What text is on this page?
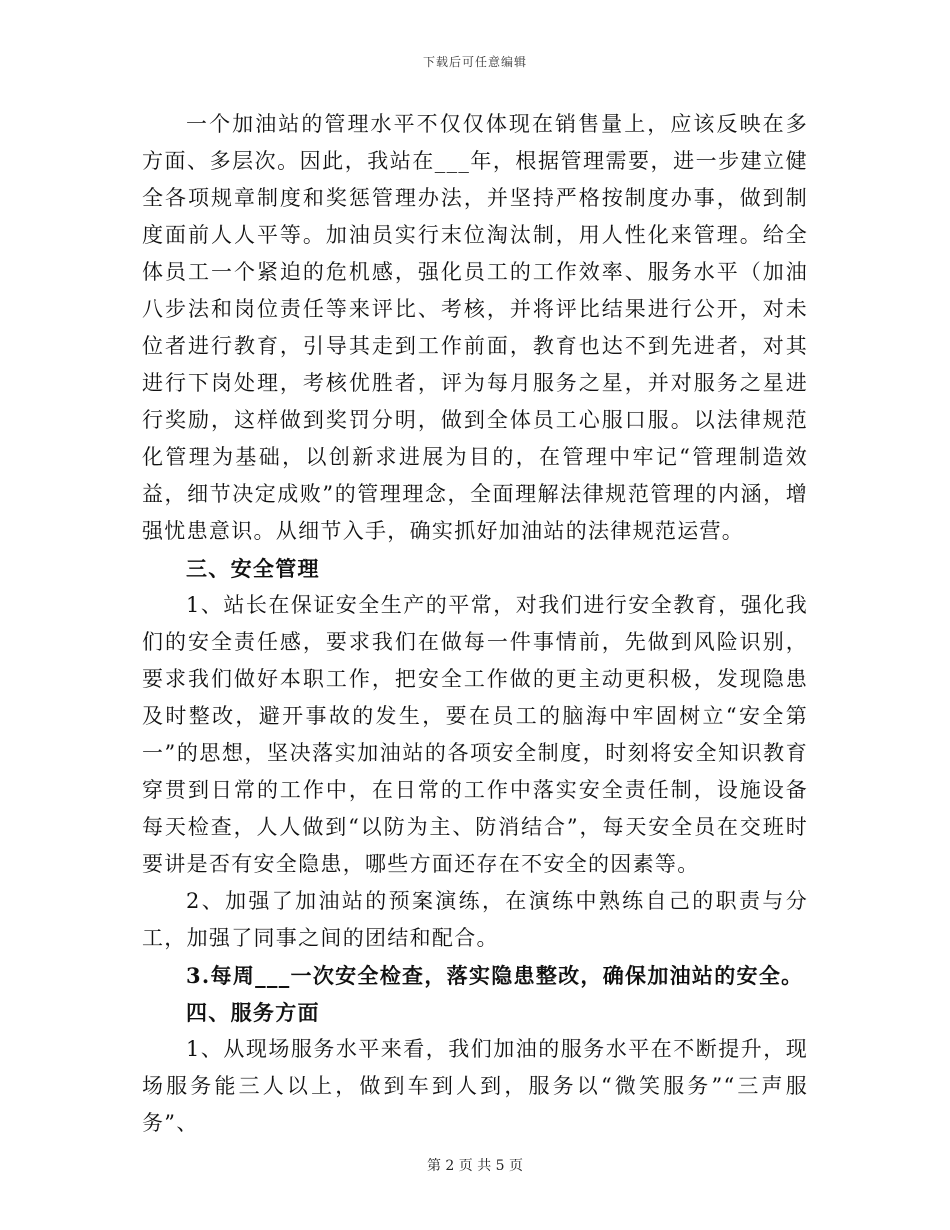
下载后可任意编辑

一个加油站的管理水平不仅仅体现在销售量上，应该反映在多方面、多层次。因此，我站在___年，根据管理需要，进一步建立健全各项规章制度和奖惩管理办法，并坚持严格按制度办事，做到制度面前人人平等。加油员实行末位淘汰制，用人性化来管理。给全体员工一个紧迫的危机感，强化员工的工作效率、服务水平（加油八步法和岗位责任等来评比、考核，并将评比结果进行公开，对未位者进行教育，引导其走到工作前面，教育也达不到先进者，对其进行下岗处理，考核优胜者，评为每月服务之星，并对服务之星进行奖励，这样做到奖罚分明，做到全体员工心服口服。以法律规范化管理为基础，以创新求进展为目的，在管理中牢记“管理制造效益，细节决定成败”的管理理念，全面理解法律规范管理的内涵，增强忧患意识。从细节入手，确实抓好加油站的法律规范运营。

三、安全管理

1、站长在保证安全生产的平常，对我们进行安全教育，强化我们的安全责任感，要求我们在做每一件事情前，先做到风险识别，要求我们做好本职工作，把安全工作做的更主动更积极，发现隐患及时整改，避开事故的发生，要在员工的脑海中牢固树立“安全第一”的思想，坚决落实加油站的各项安全制度，时刻将安全知识教育穿贯到日常的工作中，在日常的工作中落实安全责任制，设施设备每天检查，人人做到“以防为主、防消结合”，每天安全员在交班时要讲是否有安全隐患，哪些方面还存在不安全的因素等。

2、加强了加油站的预案演练，在演练中熟练自己的职责与分工，加强了同事之间的团结和配合。

3.每周___一次安全检查，落实隐患整改，确保加油站的安全。

四、服务方面

1、从现场服务水平来看，我们加油的服务水平在不断提升，现场服务能三人以上，做到车到人到，服务以“微笑服务”“三声服务”、

第 2 页 共 5 页
